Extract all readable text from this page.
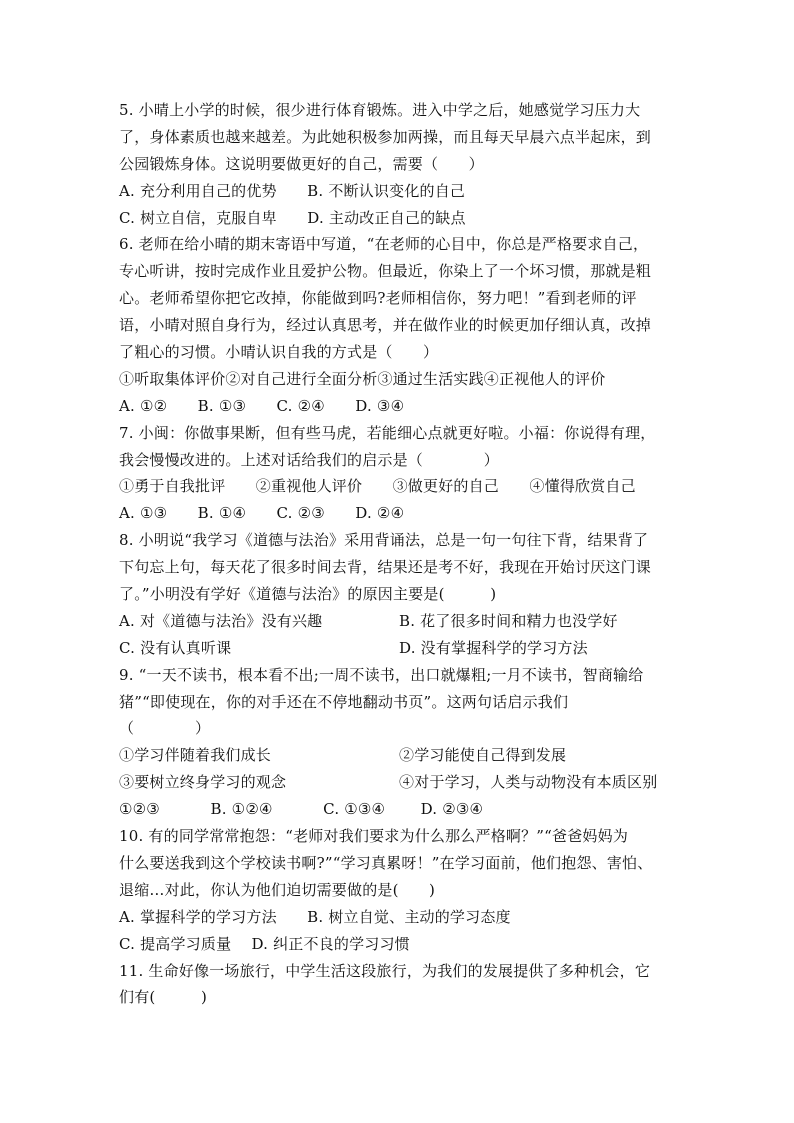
5. 小晴上小学的时候，很少进行体育锻炼。进入中学之后，她感觉学习压力大
了，身体素质也越来越差。为此她积极参加两操，而且每天早晨六点半起床，到
公园锻炼身体。这说明要做更好的自己，需要（　　）
A. 充分利用自己的优势　　B. 不断认识变化的自己
C. 树立自信，克服自卑　　D. 主动改正自己的缺点
6. 老师在给小晴的期末寄语中写道，“在老师的心目中，你总是严格要求自己，
专心听讲，按时完成作业且爱护公物。但最近，你染上了一个坏习惯，那就是粗
心。老师希望你把它改掉，你能做到吗?老师相信你，努力吧！”看到老师的评
语，小晴对照自身行为，经过认真思考，并在做作业的时候更加仔细认真，改掉
了粗心的习惯。小晴认识自我的方式是（　　）
①听取集体评价②对自己进行全面分析③通过生活实践④正视他人的评价
A. ①②　　B. ①③　　C. ②④　　D. ③④
7. 小闽：你做事果断，但有些马虎，若能细心点就更好啦。小福：你说得有理，
我会慢慢改进的。上述对话给我们的启示是（　　　　）
①勇于自我批评　　②重视他人评价　　③做更好的自己　　④懂得欣赏自己
A. ①③　　B. ①④　　C. ②③　　D. ②④
8. 小明说“我学习《道德与法治》采用背诵法，总是一句一句往下背，结果背了
下句忘上句，每天花了很多时间去背，结果还是考不好，我现在开始讨厌这门课
了。”小明没有学好《道德与法治》的原因主要是(　　　)
A. 对《道德与法治》没有兴趣	B. 花了很多时间和精力也没学好
C. 没有认真听课	D. 没有掌握科学的学习方法
9. “一天不读书，根本看不出;一周不读书，出口就爆粗;一月不读书，智商输给
猪”“即使现在，你的对手还在不停地翻动书页”。这两句话启示我们
（　　　　）
①学习伴随着我们成长	②学习能使自己得到发展
③要树立终身学习的观念	④对于学习，人类与动物没有本质区别
①②③　　　 B. ①②④　　　 C. ①③④　　 D. ②③④
10. 有的同学常常抱怨：“老师对我们要求为什么那么严格啊？”“爸爸妈妈为
什么要送我到这个学校读书啊?”“学习真累呀！”在学习面前，他们抱怨、害怕、
退缩…对此，你认为他们迫切需要做的是(　　)
A. 掌握科学的学习方法　　B. 树立自觉、主动的学习态度
C. 提高学习质量　 D. 纠正不良的学习习惯
11. 生命好像一场旅行，中学生活这段旅行，为我们的发展提供了多种机会，它
们有(　　　)
